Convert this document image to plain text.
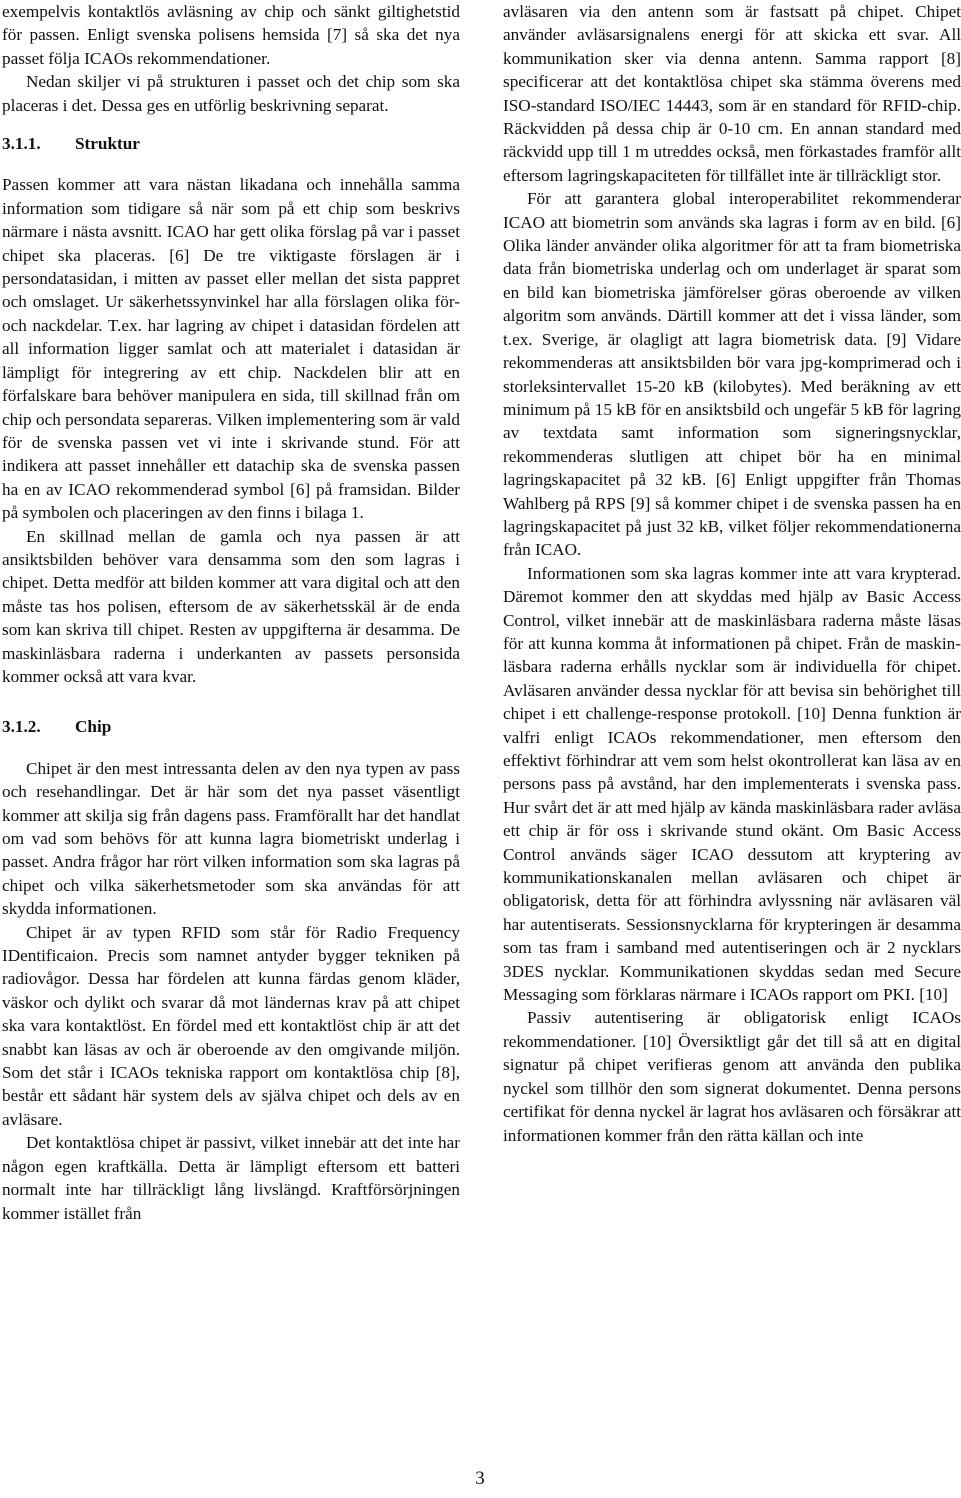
exempelvis kontaktlös avläsning av chip och sänkt giltighetstid för passen. Enligt svenska polisens hemsida [7] så ska det nya passet följa ICAOs rekommendationer.

Nedan skiljer vi på strukturen i passet och det chip som ska placeras i det. Dessa ges en utförlig beskrivning separat.

3.1.1.	Struktur

Passen kommer att vara nästan likadana och innehålla samma information som tidigare så när som på ett chip som beskrivs närmare i nästa avsnitt. ICAO har gett olika förslag på var i passet chipet ska placeras. [6] De tre viktigaste förslagen är i persondatasidan, i mitten av passet eller mellan det sista pappret och omslaget. Ur säkerhetssynvinkel har alla förslagen olika för- och nackdelar. T.ex. har lagring av chipet i datasidan fördelen att all information ligger samlat och att materialet i datasidan är lämpligt för integrering av ett chip. Nackdelen blir att en förfalskare bara behöver manipulera en sida, till skillnad från om chip och persondata separeras. Vilken implementering som är vald för de svenska passen vet vi inte i skrivande stund. För att indikera att passet innehåller ett datachip ska de svenska passen ha en av ICAO rekommenderad symbol [6] på framsidan. Bilder på symbolen och placeringen av den finns i bilaga 1.

En skillnad mellan de gamla och nya passen är att ansiktsbilden behöver vara densamma som den som lagras i chipet. Detta medför att bilden kommer att vara digital och att den måste tas hos polisen, eftersom de av säkerhetsskäl är de enda som kan skriva till chipet. Resten av uppgifterna är desamma. De maskinläsbara raderna i underkanten av passets personsida kommer också att vara kvar.

3.1.2.	Chip

Chipet är den mest intressanta delen av den nya typen av pass och resehandlingar. Det är här som det nya passet väsentligt kommer att skilja sig från dagens pass. Framförallt har det handlat om vad som behövs för att kunna lagra biometriskt underlag i passet. Andra frågor har rört vilken information som ska lagras på chipet och vilka säkerhetsmetoder som ska användas för att skydda informationen.

Chipet är av typen RFID som står för Radio Frequency IDentificaion. Precis som namnet antyder bygger tekniken på radiovågor. Dessa har fördelen att kunna färdas genom kläder, väskor och dylikt och svarar då mot ländernas krav på att chipet ska vara kontaktlöst. En fördel med ett kontaktlöst chip är att det snabbt kan läsas av och är oberoende av den omgivande miljön. Som det står i ICAOs tekniska rapport om kontaktlösa chip [8], består ett sådant här system dels av själva chipet och dels av en avläsare.

Det kontaktlösa chipet är passivt, vilket innebär att det inte har någon egen kraftkälla. Detta är lämpligt eftersom ett batteri normalt inte har tillräckligt lång livslängd. Kraftförsörjningen kommer istället från

avläsaren via den antenn som är fastsatt på chipet. Chipet använder avläsarsignalens energi för att skicka ett svar. All kommunikation sker via denna antenn. Samma rapport [8] specificerar att det kontaktlösa chipet ska stämma överens med ISO-standard ISO/IEC 14443, som är en standard för RFID-chip. Räckvidden på dessa chip är 0-10 cm. En annan standard med räckvidd upp till 1 m utreddes också, men förkastades framför allt eftersom lagringskapaciteten för tillfället inte är tillräckligt stor.

För att garantera global interoperabilitet rekommenderar ICAO att biometrin som används ska lagras i form av en bild. [6] Olika länder använder olika algoritmer för att ta fram biometriska data från biometriska underlag och om underlaget är sparat som en bild kan biometriska jämförelser göras oberoende av vilken algoritm som används. Därtill kommer att det i vissa länder, som t.ex. Sverige, är olagligt att lagra biometrisk data. [9] Vidare rekommenderas att ansiktsbilden bör vara jpg-komprimerad och i storleksintervallet 15-20 kB (kilobytes). Med beräkning av ett minimum på 15 kB för en ansiktsbild och ungefär 5 kB för lagring av textdata samt information som signeringsnycklar, rekommenderas slutligen att chipet bör ha en minimal lagringskapacitet på 32 kB. [6] Enligt uppgifter från Thomas Wahlberg på RPS [9] så kommer chipet i de svenska passen ha en lagringskapacitet på just 32 kB, vilket följer rekommendationerna från ICAO.

Informationen som ska lagras kommer inte att vara krypterad. Däremot kommer den att skyddas med hjälp av Basic Access Control, vilket innebär att de maskinläsbara raderna måste läsas för att kunna komma åt informationen på chipet. Från de maskinläsbara raderna erhålls nycklar som är individuella för chipet. Avläsaren använder dessa nycklar för att bevisa sin behörighet till chipet i ett challenge-response protokoll. [10] Denna funktion är valfri enligt ICAOs rekommendationer, men eftersom den effektivt förhindrar att vem som helst okontrollerat kan läsa av en persons pass på avstånd, har den implementerats i svenska pass. Hur svårt det är att med hjälp av kända maskinläsbara rader avläsa ett chip är för oss i skrivande stund okänt. Om Basic Access Control används säger ICAO dessutom att kryptering av kommunikationskanalen mellan avläsaren och chipet är obligatorisk, detta för att förhindra avlyssning när avläsaren väl har autentiserats. Sessionsnycklarna för krypteringen är desamma som tas fram i samband med autentiseringen och är 2 nycklars 3DES nycklar. Kommunikationen skyddas sedan med Secure Messaging som förklaras närmare i ICAOs rapport om PKI. [10]

Passiv autentisering är obligatorisk enligt ICAOs rekommendationer. [10] Översiktligt går det till så att en digital signatur på chipet verifieras genom att använda den publika nyckel som tillhör den som signerat dokumentet. Denna persons certifikat för denna nyckel är lagrat hos avläsaren och försäkrar att informationen kommer från den rätta källan och inte

3
